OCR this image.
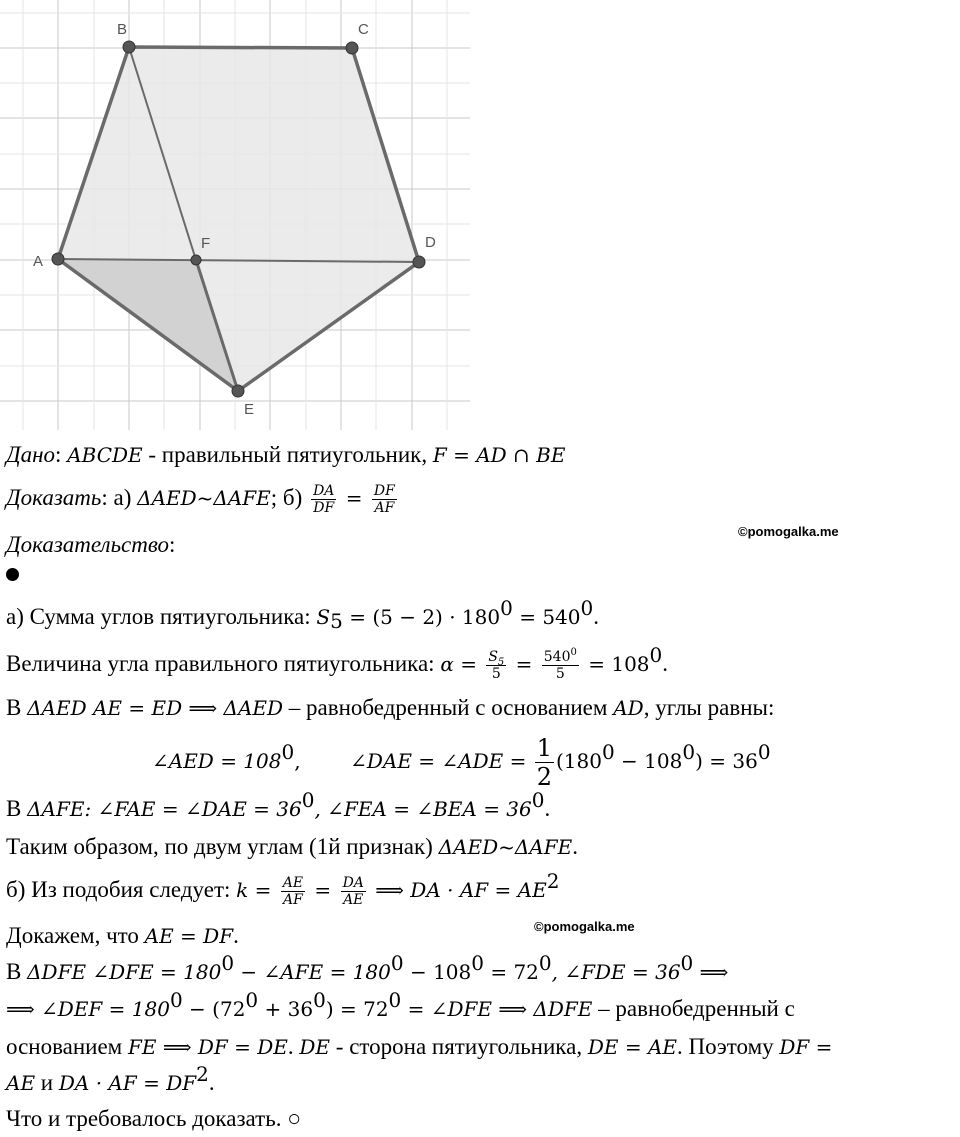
A
B	C
D
E
F
©pomogalka.me
©pomogalka.me
Дано: ABCDE - правильный пятиугольник, F = AD ∩ BE
Доказать: а) ΔAED~ΔAFE; $б) \frac{DA}{DF} = \frac{DF}{AF}$
Доказательство:
а) Сумма углов пятиугольника: $S_5 = (5 - 2) \cdot 180^0 = 540^0$.
Величина угла правильного пятиугольника: $\alpha = \frac{S_5}{5} = \frac{540^0}{5} = 108^0$.
В ΔAED AE = ED ⟹ ΔAED – равнобедренный с основанием AD, углы равны:
∠AED = $108^0$, ∠DAE = ∠ADE = $\frac{1}{2} (180^0 - 108^0) = 36^0$
В ΔAFE: ∠FAE = ∠DAE = $36^0$, ∠FEA = ∠BEA = $36^0$.
Таким образом, по двум углам (1й признак) ΔAED~ΔAFE.
б) Из подобия следует: $k = \frac{AE}{AF} = \frac{DA}{AE}$ ⟹ DA · AF = $AE^2$
Докажем, что AE = DF.
В ΔDFE ∠DFE = $180^0$ − ∠AFE = $180^0 - 108^0 = 72^0$, ∠FDE = $36^0$ ⟹
⟹ ∠DEF = $180^0 - (72^0 + 36^0) = 72^0$ = ∠DFE ⟹ ΔDFE – равнобедренный с
основанием FE ⟹ DF = DE. DE - сторона пятиугольника, DE = AE. Поэтому DF =
AE и DA · AF = $DF^2$.
Что и требовалось доказать. ○
